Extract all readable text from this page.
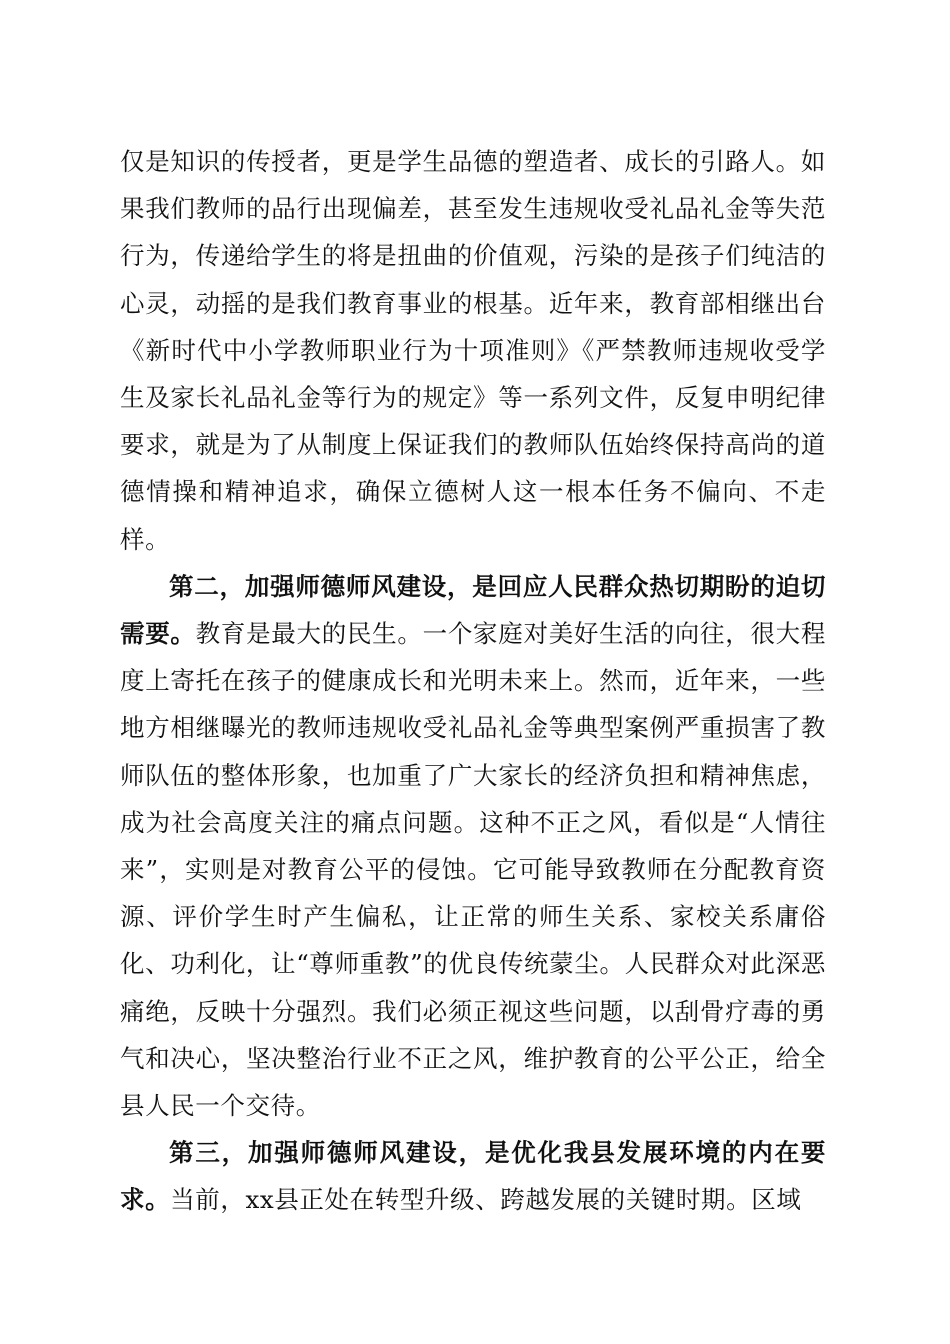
仅是知识的传授者，更是学生品德的塑造者、成长的引路人。如果我们教师的品行出现偏差，甚至发生违规收受礼品礼金等失范行为，传递给学生的将是扭曲的价值观，污染的是孩子们纯洁的心灵，动摇的是我们教育事业的根基。近年来，教育部相继出台《新时代中小学教师职业行为十项准则》《严禁教师违规收受学生及家长礼品礼金等行为的规定》等一系列文件，反复申明纪律要求，就是为了从制度上保证我们的教师队伍始终保持高尚的道德情操和精神追求，确保立德树人这一根本任务不偏向、不走样。

第二，加强师德师风建设，是回应人民群众热切期盼的迫切需要。教育是最大的民生。一个家庭对美好生活的向往，很大程度上寄托在孩子的健康成长和光明未来上。然而，近年来，一些地方相继曝光的教师违规收受礼品礼金等典型案例严重损害了教师队伍的整体形象，也加重了广大家长的经济负担和精神焦虑，成为社会高度关注的痛点问题。这种不正之风，看似是“人情往来”，实则是对教育公平的侵蚀。它可能导致教师在分配教育资源、评价学生时产生偏私，让正常的师生关系、家校关系庸俗化、功利化，让“尊师重教”的优良传统蒙尘。人民群众对此深恶痛绝，反映十分强烈。我们必须正视这些问题，以刮骨疗毒的勇气和决心，坚决整治行业不正之风，维护教育的公平公正，给全县人民一个交待。

第三，加强师德师风建设，是优化我县发展环境的内在要求。当前，xx县正处在转型升级、跨越发展的关键时期。区域
